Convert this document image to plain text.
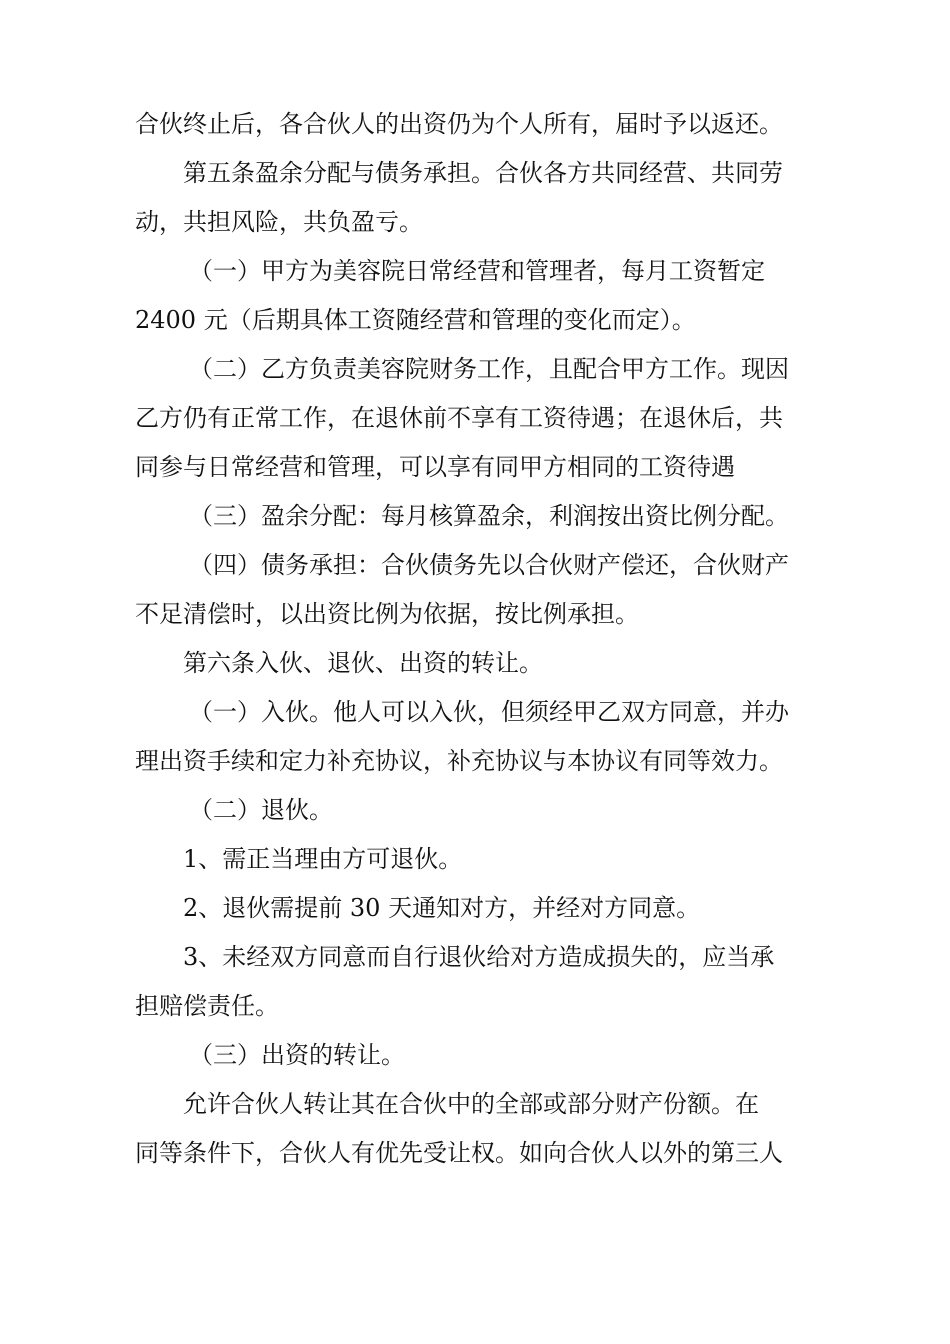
合伙终止后，各合伙人的出资仍为个人所有，届时予以返还。
第五条盈余分配与债务承担。合伙各方共同经营、共同劳
动，共担风险，共负盈亏。
（一）甲方为美容院日常经营和管理者，每月工资暂定
2400 元（后期具体工资随经营和管理的变化而定）。
（二）乙方负责美容院财务工作，且配合甲方工作。现因
乙方仍有正常工作，在退休前不享有工资待遇；在退休后，共
同参与日常经营和管理，可以享有同甲方相同的工资待遇
（三）盈余分配：每月核算盈余，利润按出资比例分配。
（四）债务承担：合伙债务先以合伙财产偿还，合伙财产
不足清偿时，以出资比例为依据，按比例承担。
第六条入伙、退伙、出资的转让。
（一）入伙。他人可以入伙，但须经甲乙双方同意，并办
理出资手续和定力补充协议，补充协议与本协议有同等效力。
（二）退伙。
1、需正当理由方可退伙。
2、退伙需提前 30 天通知对方，并经对方同意。
3、未经双方同意而自行退伙给对方造成损失的，应当承
担赔偿责任。
（三）出资的转让。
允许合伙人转让其在合伙中的全部或部分财产份额。在
同等条件下，合伙人有优先受让权。如向合伙人以外的第三人
